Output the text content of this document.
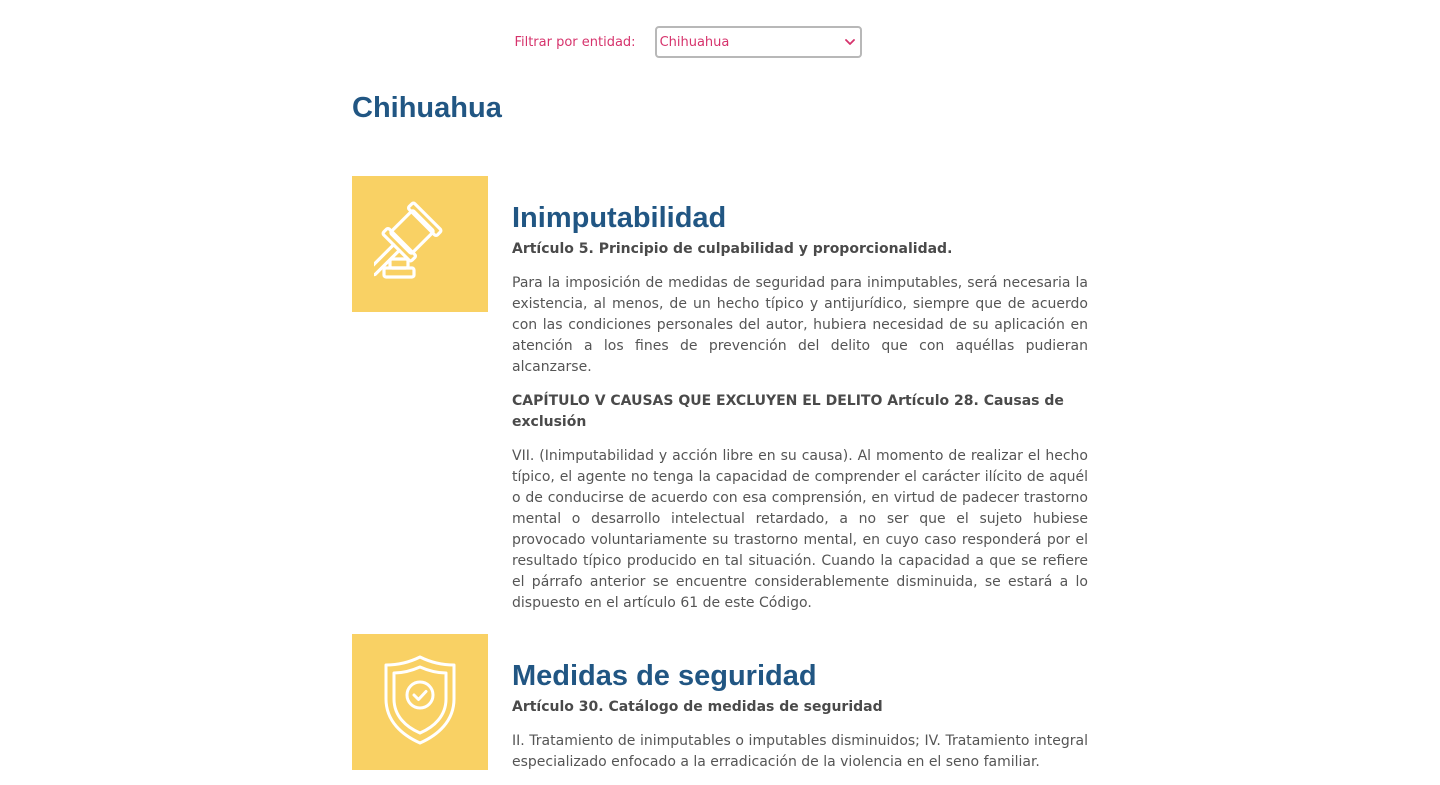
Filtrar por entidad: Chihuahua
Chihuahua
Inimputabilidad

Artículo 5. Principio de culpabilidad y proporcionalidad.

Para la imposición de medidas de seguridad para inimputables, será necesaria la existencia, al menos, de un hecho típico y antijurídico, siempre que de acuerdo con las condiciones personales del autor, hubiera necesidad de su aplicación en atención a los fines de prevención del delito que con aquéllas pudieran alcanzarse.

CAPÍTULO V CAUSAS QUE EXCLUYEN EL DELITO Artículo 28. Causas de exclusión

VII. (Inimputabilidad y acción libre en su causa). Al momento de realizar el hecho típico, el agente no tenga la capacidad de comprender el carácter ilícito de aquél o de conducirse de acuerdo con esa comprensión, en virtud de padecer trastorno mental o desarrollo intelectual retardado, a no ser que el sujeto hubiese provocado voluntariamente su trastorno mental, en cuyo caso responderá por el resultado típico producido en tal situación. Cuando la capacidad a que se refiere el párrafo anterior se encuentre considerablemente disminuida, se estará a lo dispuesto en el artículo 61 de este Código.

Medidas de seguridad

Artículo 30. Catálogo de medidas de seguridad

II. Tratamiento de inimputables o imputables disminuidos; IV. Tratamiento integral especializado enfocado a la erradicación de la violencia en el seno familiar.
